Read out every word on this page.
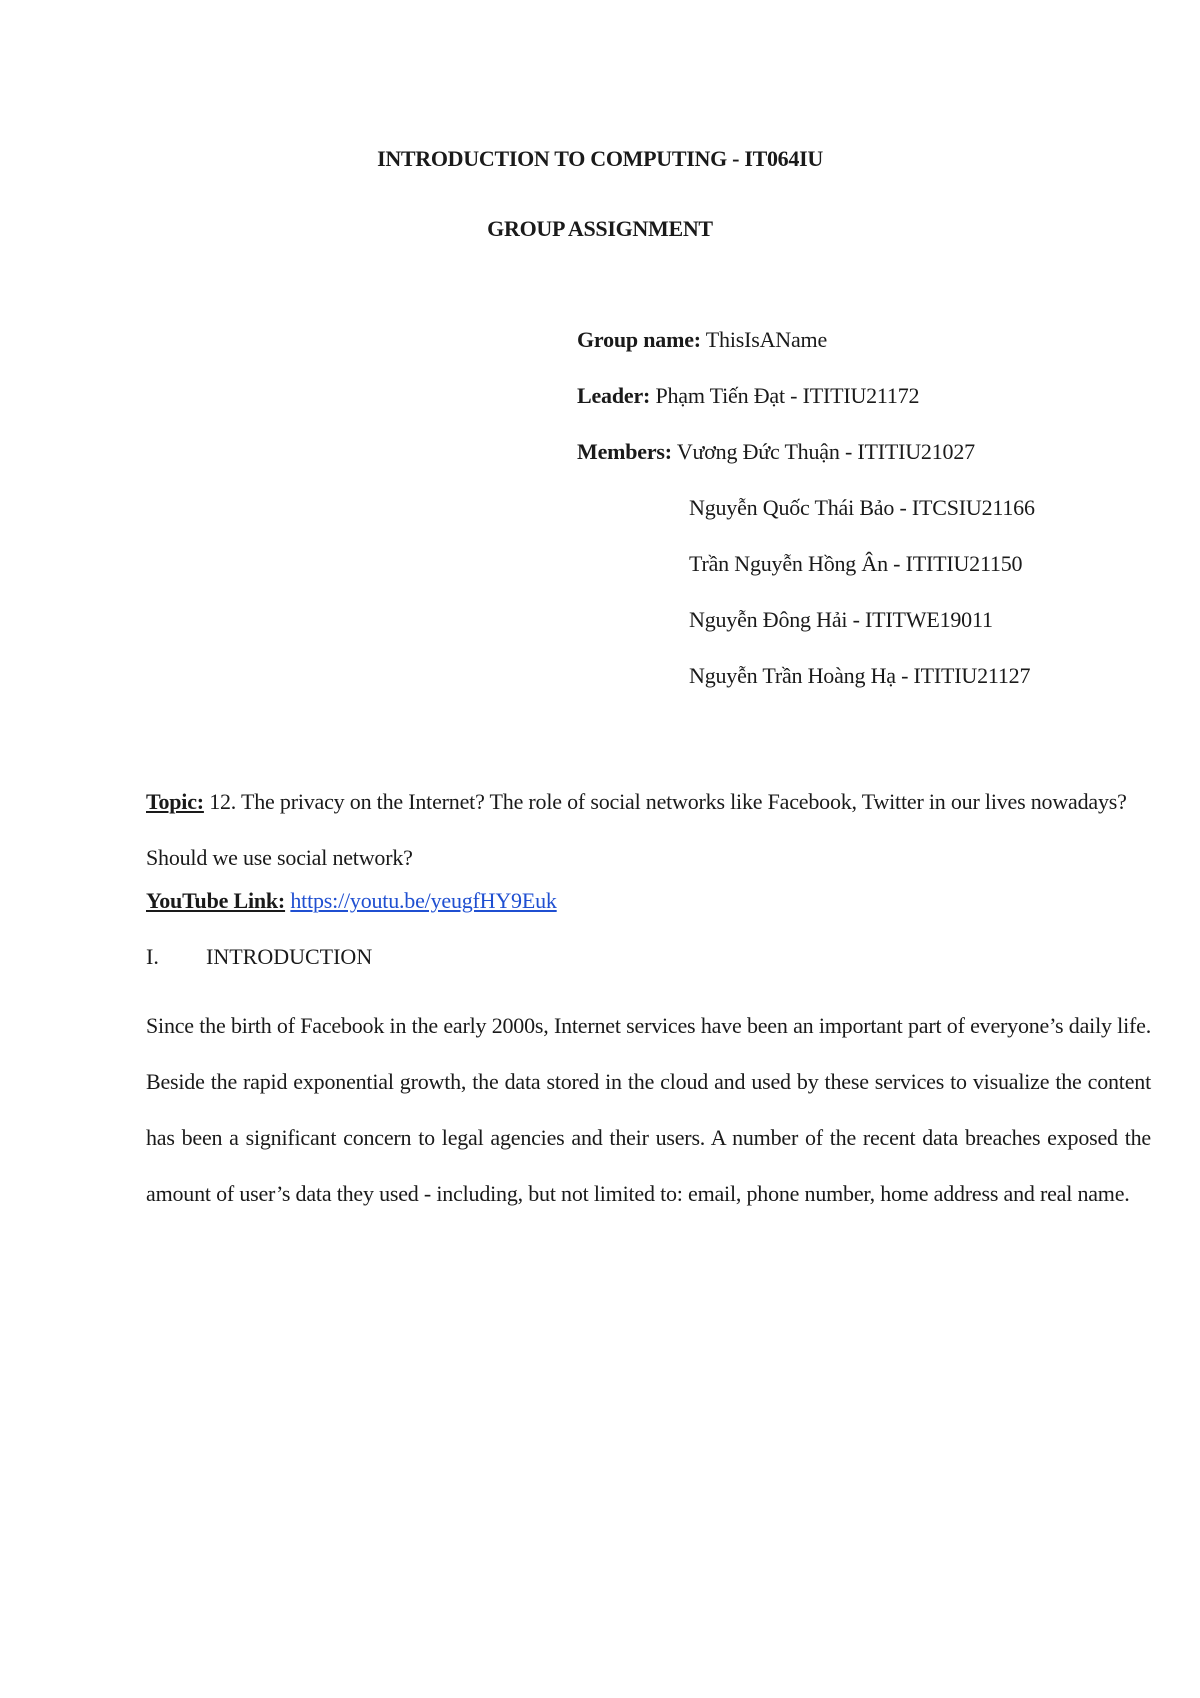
INTRODUCTION TO COMPUTING - IT064IU
GROUP ASSIGNMENT
Group name: ThisIsAName
Leader: Phạm Tiến Đạt - ITITIU21172
Members: Vương Đức Thuận - ITITIU21027
Nguyễn Quốc Thái Bảo - ITCSIU21166
Trần Nguyễn Hồng Ân - ITITIU21150
Nguyễn Đông Hải - ITITWE19011
Nguyễn Trần Hoàng Hạ - ITITIU21127
Topic: 12. The privacy on the Internet? The role of social networks like Facebook, Twitter in our lives nowadays? Should we use social network?
YouTube Link: https://youtu.be/yeugfHY9Euk
I. INTRODUCTION
Since the birth of Facebook in the early 2000s, Internet services have been an important part of everyone’s daily life. Beside the rapid exponential growth, the data stored in the cloud and used by these services to visualize the content has been a significant concern to legal agencies and their users. A number of the recent data breaches exposed the amount of user’s data they used - including, but not limited to: email, phone number, home address and real name.
